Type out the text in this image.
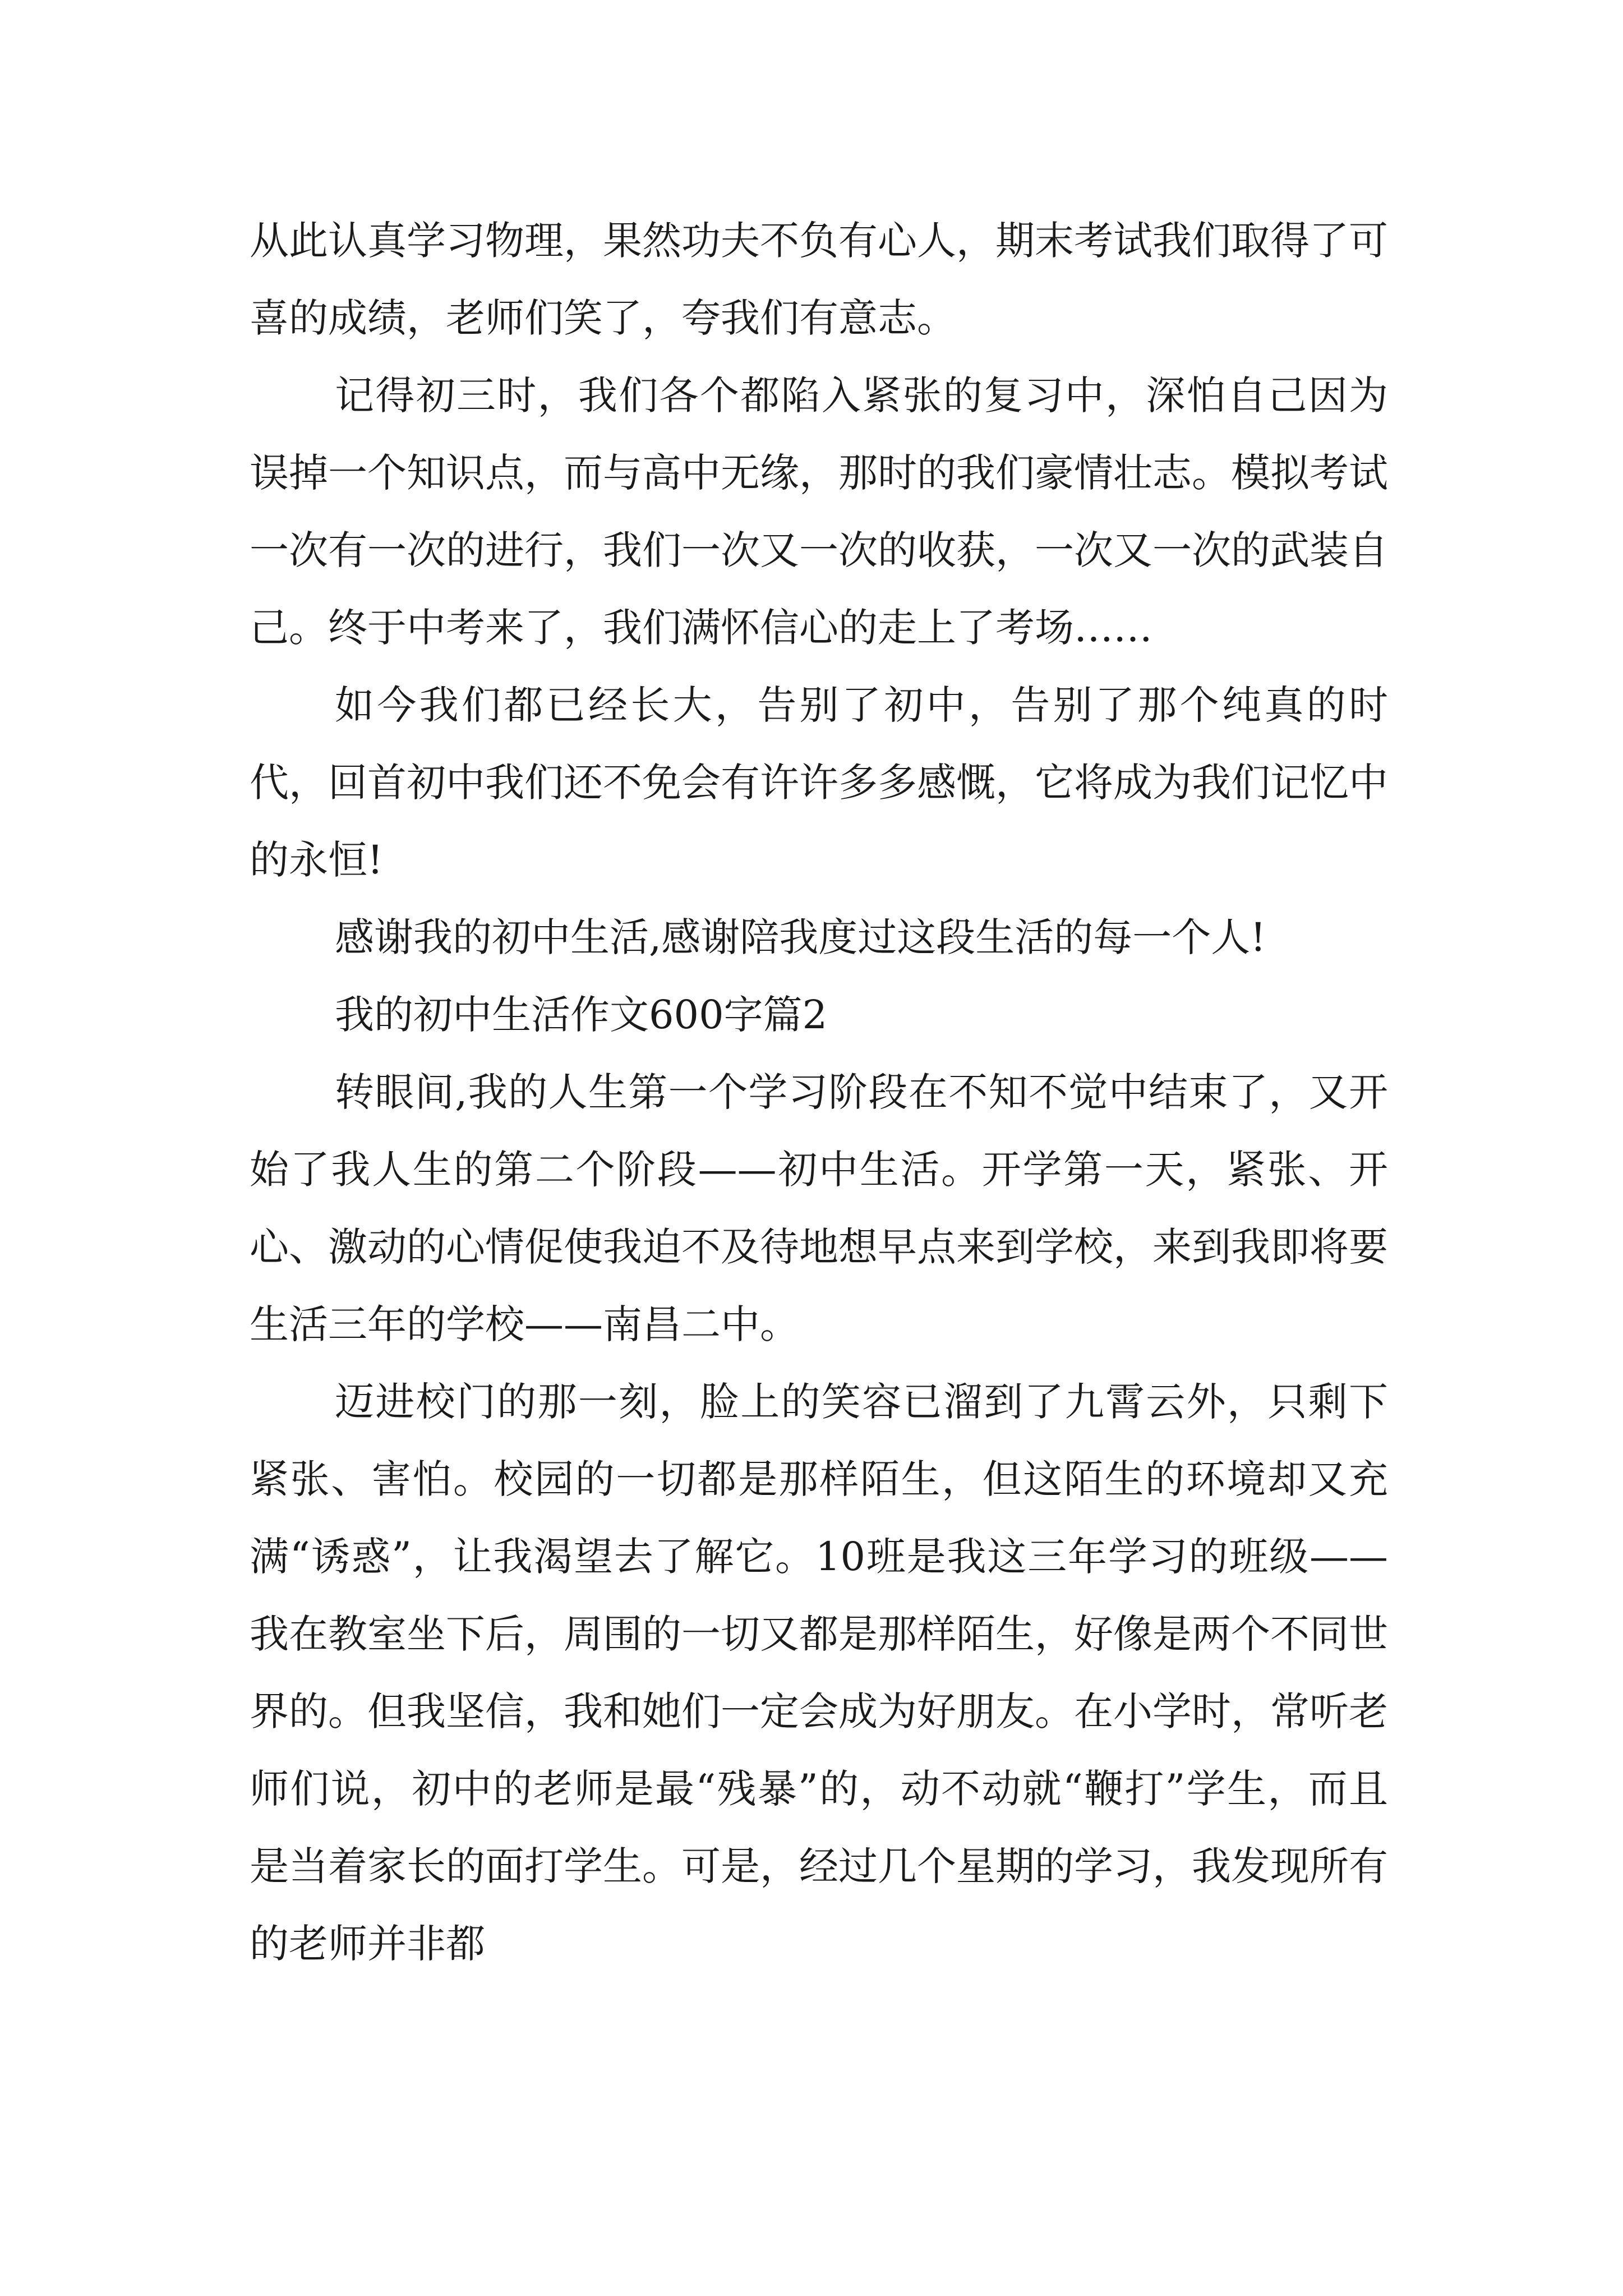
从此认真学习物理，果然功夫不负有心人，期末考试我们取得了可喜的成绩，老师们笑了，夸我们有意志。

记得初三时，我们各个都陷入紧张的复习中，深怕自己因为误掉一个知识点，而与高中无缘，那时的我们豪情壮志。模拟考试一次有一次的进行，我们一次又一次的收获，一次又一次的武装自己。终于中考来了，我们满怀信心的走上了考场……

如今我们都已经长大，告别了初中，告别了那个纯真的时代，回首初中我们还不免会有许许多多感慨，它将成为我们记忆中的永恒!

感谢我的初中生活,感谢陪我度过这段生活的每一个人!

我的初中生活作文600字篇2

转眼间,我的人生第一个学习阶段在不知不觉中结束了，又开始了我人生的第二个阶段——初中生活。开学第一天，紧张、开心、激动的心情促使我迫不及待地想早点来到学校，来到我即将要生活三年的学校——南昌二中。

迈进校门的那一刻，脸上的笑容已溜到了九霄云外，只剩下紧张、害怕。校园的一切都是那样陌生，但这陌生的环境却又充满“诱惑”，让我渴望去了解它。10班是我这三年学习的班级——我在教室坐下后，周围的一切又都是那样陌生，好像是两个不同世界的。但我坚信，我和她们一定会成为好朋友。在小学时，常听老师们说，初中的老师是最“残暴”的，动不动就“鞭打”学生，而且是当着家长的面打学生。可是，经过几个星期的学习，我发现所有的老师并非都
